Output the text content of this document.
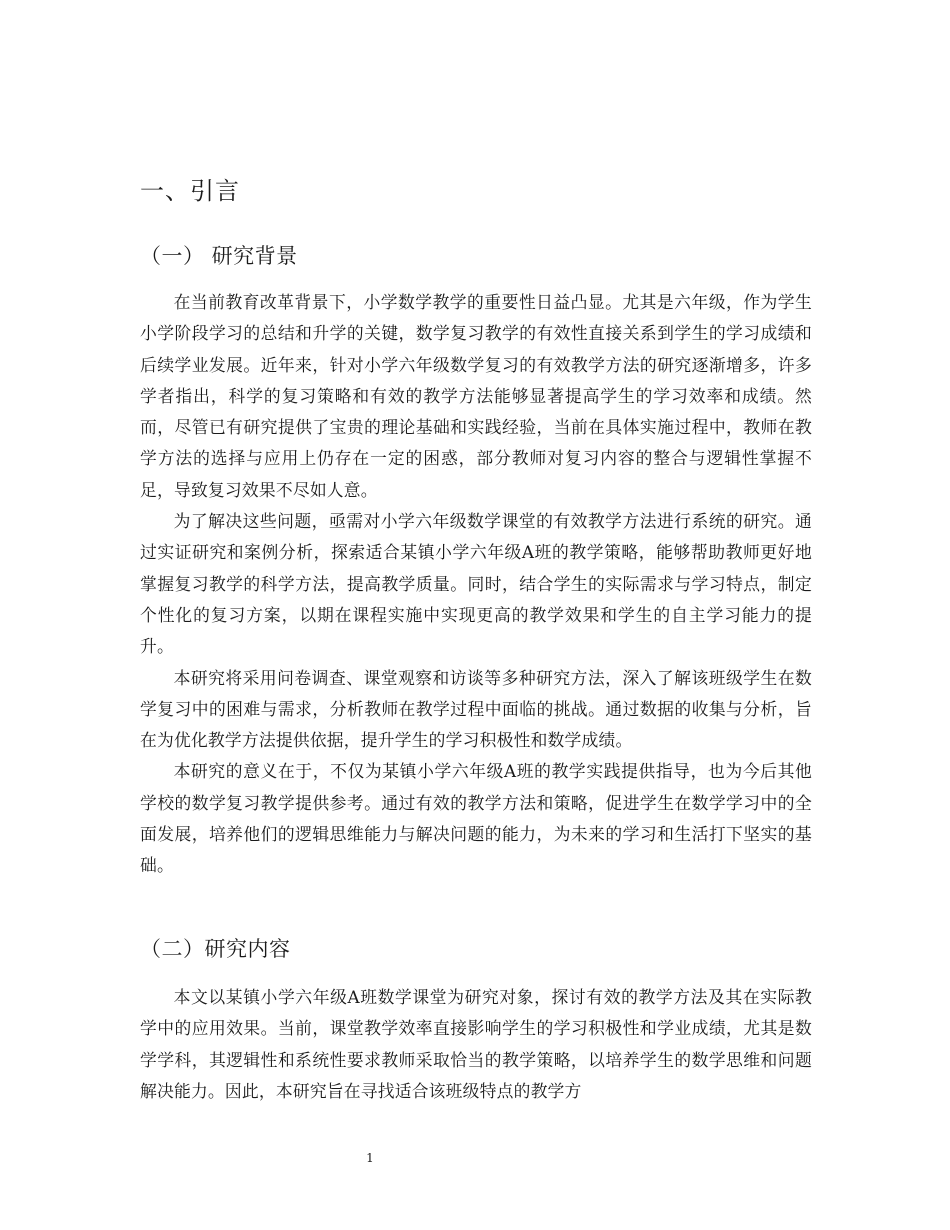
一、引言
（一） 研究背景

在当前教育改革背景下，小学数学教学的重要性日益凸显。尤其是六年级，作为学生小学阶段学习的总结和升学的关键，数学复习教学的有效性直接关系到学生的学习成绩和后续学业发展。近年来，针对小学六年级数学复习的有效教学方法的研究逐渐增多，许多学者指出，科学的复习策略和有效的教学方法能够显著提高学生的学习效率和成绩。然而，尽管已有研究提供了宝贵的理论基础和实践经验，当前在具体实施过程中，教师在教学方法的选择与应用上仍存在一定的困惑，部分教师对复习内容的整合与逻辑性掌握不足，导致复习效果不尽如人意。

为了解决这些问题，亟需对小学六年级数学课堂的有效教学方法进行系统的研究。通过实证研究和案例分析，探索适合某镇小学六年级A班的教学策略，能够帮助教师更好地掌握复习教学的科学方法，提高教学质量。同时，结合学生的实际需求与学习特点，制定个性化的复习方案，以期在课程实施中实现更高的教学效果和学生的自主学习能力的提升。

本研究将采用问卷调查、课堂观察和访谈等多种研究方法，深入了解该班级学生在数学复习中的困难与需求，分析教师在教学过程中面临的挑战。通过数据的收集与分析，旨在为优化教学方法提供依据，提升学生的学习积极性和数学成绩。

本研究的意义在于，不仅为某镇小学六年级A班的教学实践提供指导，也为今后其他学校的数学复习教学提供参考。通过有效的教学方法和策略，促进学生在数学学习中的全面发展，培养他们的逻辑思维能力与解决问题的能力，为未来的学习和生活打下坚实的基础。

（二）研究内容

本文以某镇小学六年级A班数学课堂为研究对象，探讨有效的教学方法及其在实际教学中的应用效果。当前，课堂教学效率直接影响学生的学习积极性和学业成绩，尤其是数学学科，其逻辑性和系统性要求教师采取恰当的教学策略，以培养学生的数学思维和问题解决能力。因此，本研究旨在寻找适合该班级特点的教学方

1
